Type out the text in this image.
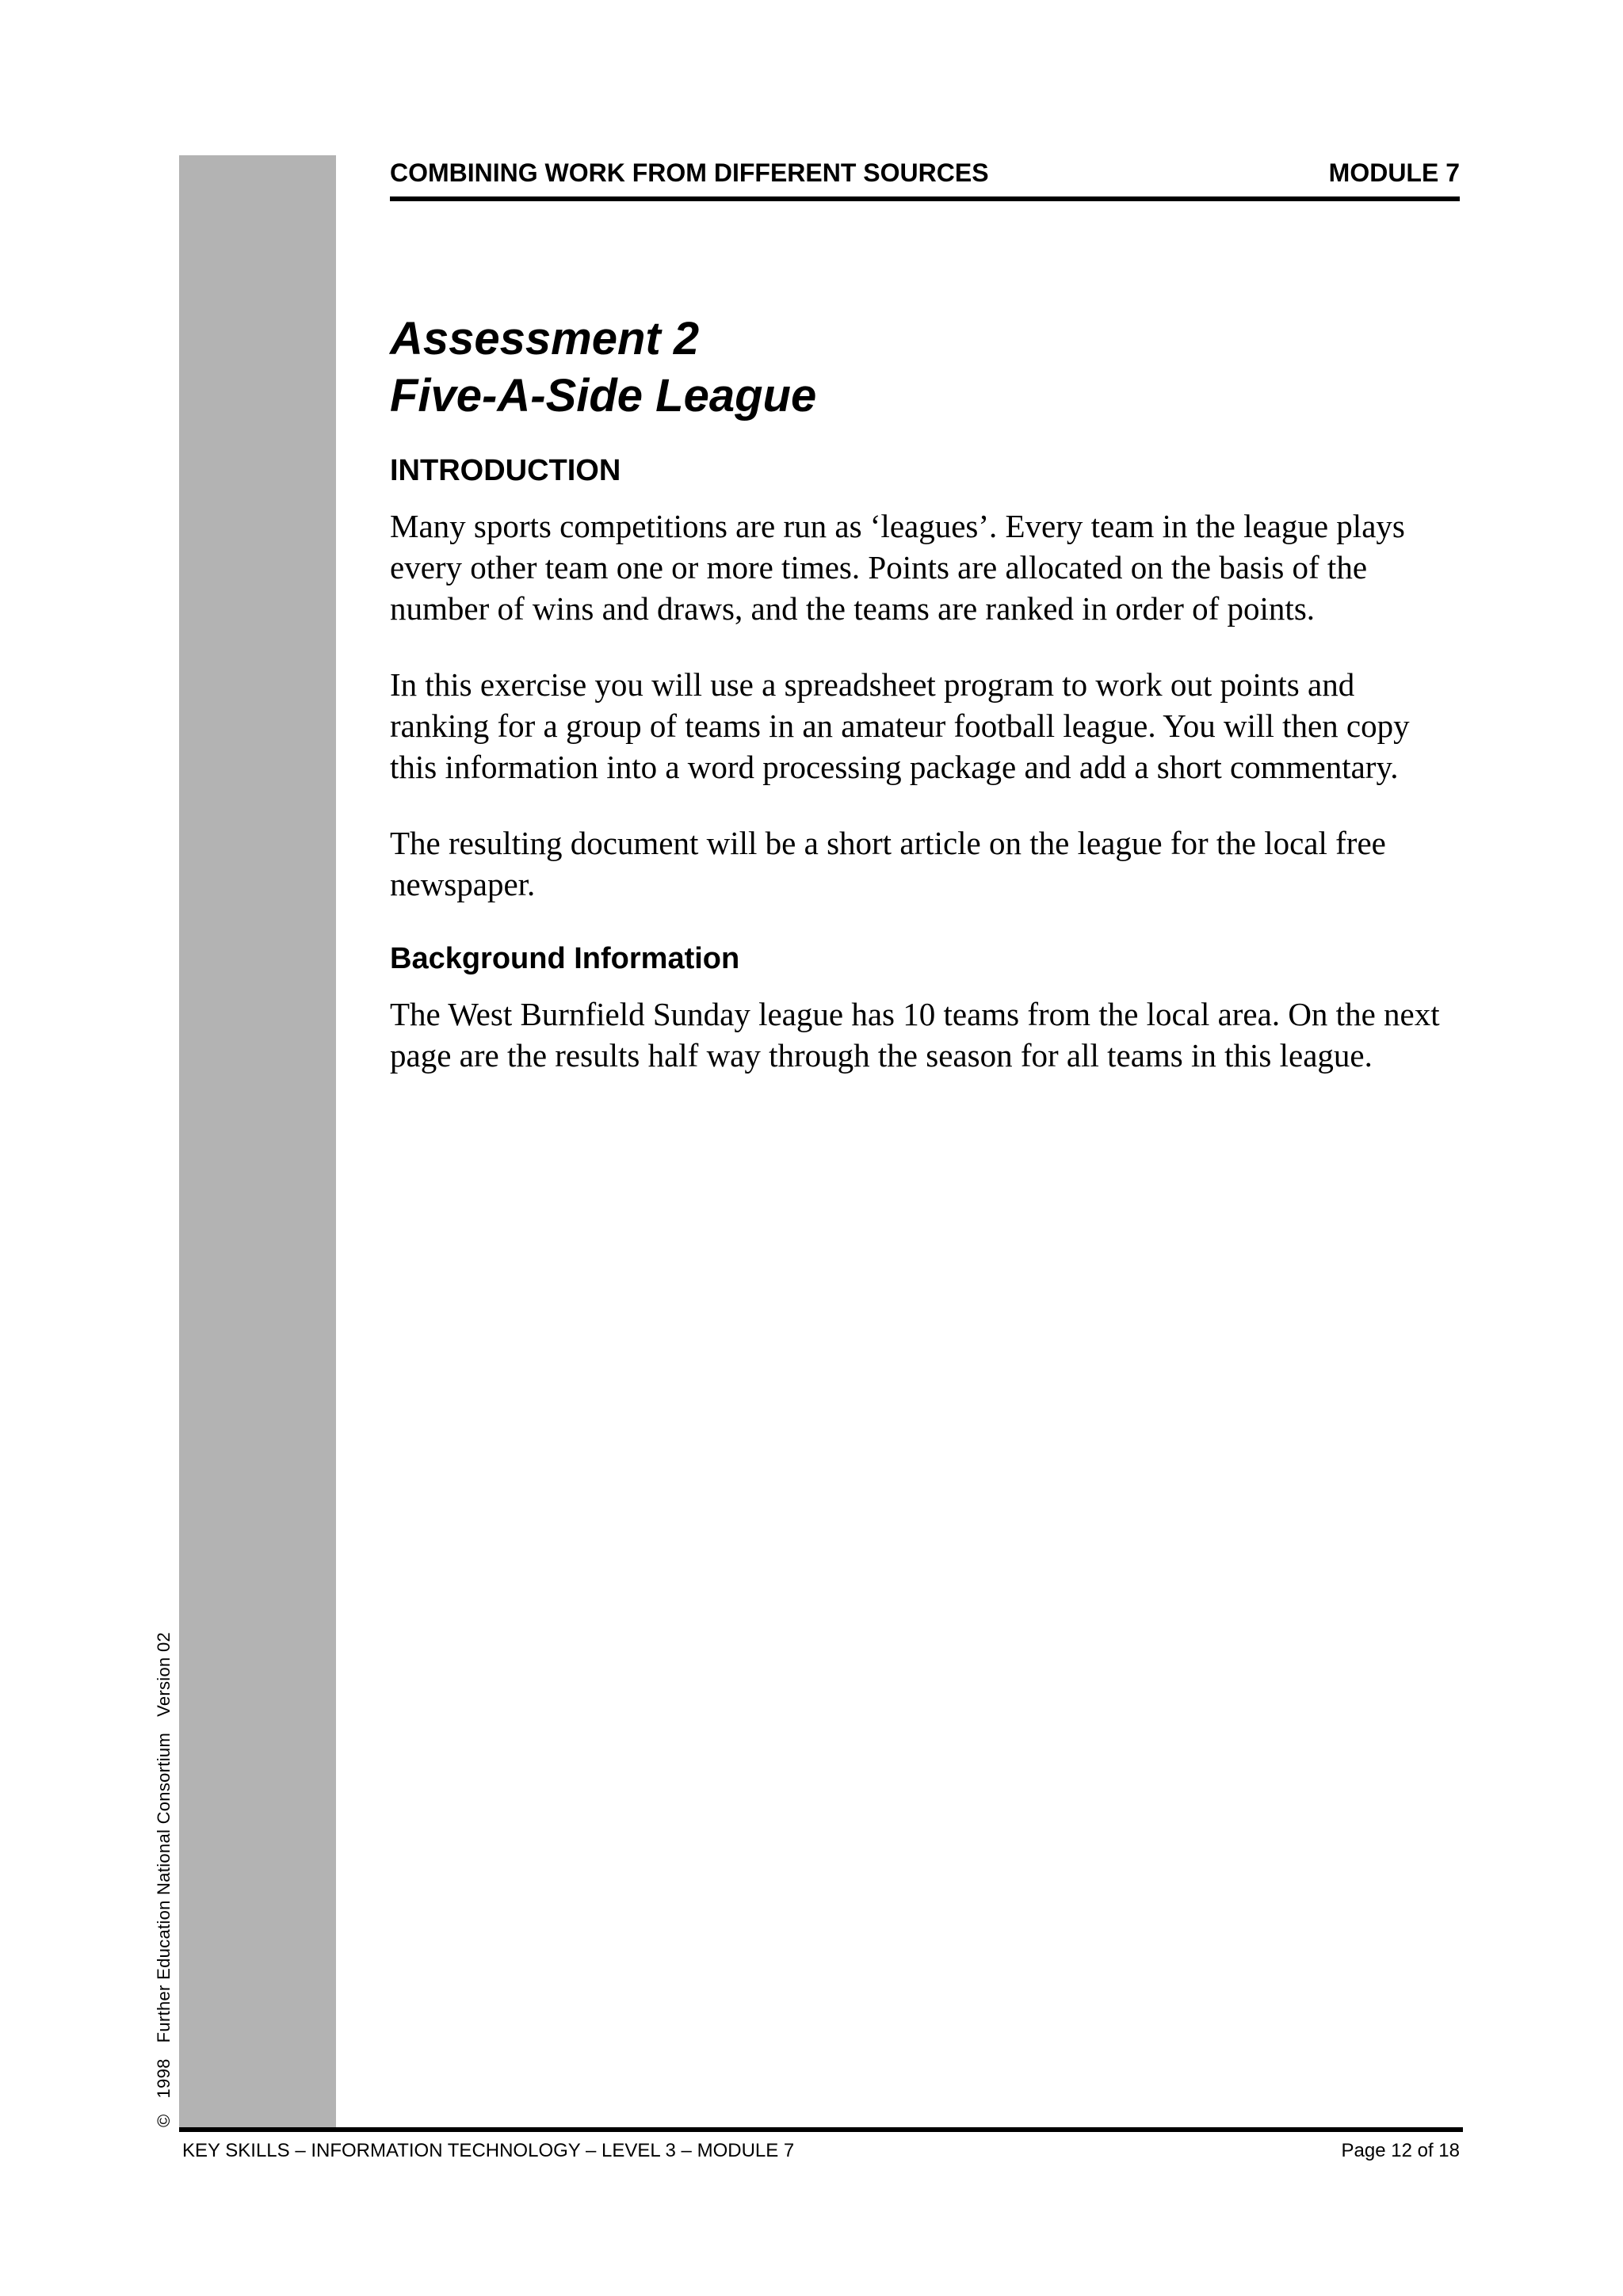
©1998Further Education National ConsortiumVersion 02
COMBINING WORK FROM DIFFERENT SOURCES	MODULE 7
Assessment 2
Five-A-Side League
INTRODUCTION

Many sports competitions are run as ‘leagues’. Every team in the league plays every other team one or more times. Points are allocated on the basis of the number of wins and draws, and the teams are ranked in order of points.

In this exercise you will use a spreadsheet program to work out points and ranking for a group of teams in an amateur football league. You will then copy this information into a word processing package and add a short commentary.

The resulting document will be a short article on the league for the local free newspaper.

Background Information

The West Burnfield Sunday league has 10 teams from the local area. On the next page are the results half way through the season for all teams in this league.

KEY SKILLS – INFORMATION TECHNOLOGY – LEVEL 3 – MODULE 7	Page 12 of 18
